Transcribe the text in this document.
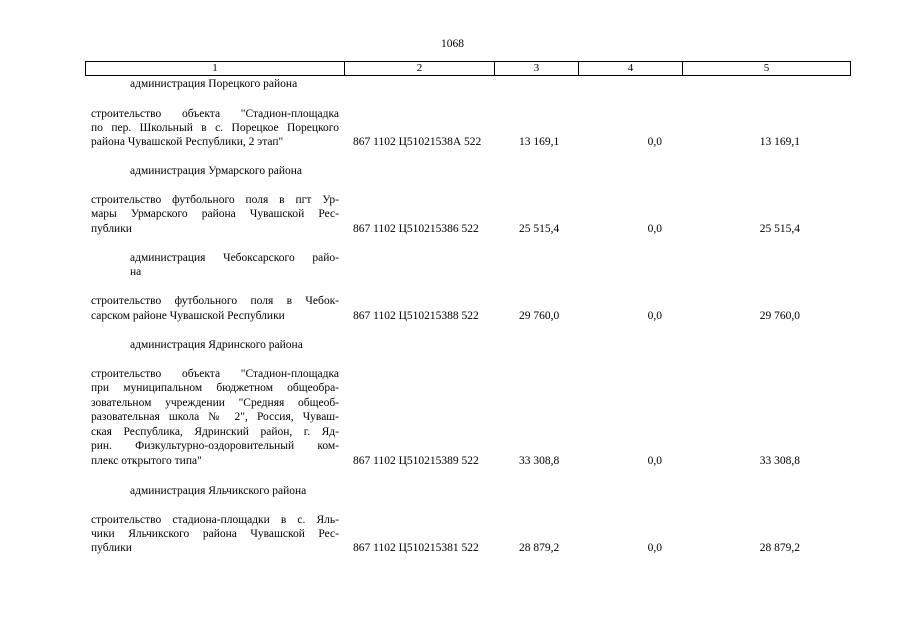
1068
1	2	3	4	5
администрация Порецкого района
строительство объекта "Стадион-площадка
по пер. Школьный в с. Порецкое Порецкого
района Чувашской Республики, 2 этап"	867 1102 Ц51021538А 522	13 169,1	0,0	13 169,1
администрация Урмарского района
строительство футбольного поля в пгт Ур-
мары Урмарского района Чувашской Рес-
публики	867 1102 Ц510215386 522	25 515,4	0,0	25 515,4
администрация Чебоксарского райо-
на
строительство футбольного поля в Чебок-
сарском районе Чувашской Республики	867 1102 Ц510215388 522	29 760,0	0,0	29 760,0
администрация Ядринского района
строительство объекта "Стадион-площадка
при муниципальном бюджетном общеобра-
зовательном учреждении "Средняя общеоб-
разовательная школа № 2", Россия, Чуваш-
ская Республика, Ядринский район, г. Яд-
рин. Физкультурно-оздоровительный ком-
плекс открытого типа"	867 1102 Ц510215389 522	33 308,8	0,0	33 308,8
администрация Яльчикского района
строительство стадиона-площадки в с. Яль-
чики Яльчикского района Чувашской Рес-
публики	867 1102 Ц510215381 522	28 879,2	0,0	28 879,2
